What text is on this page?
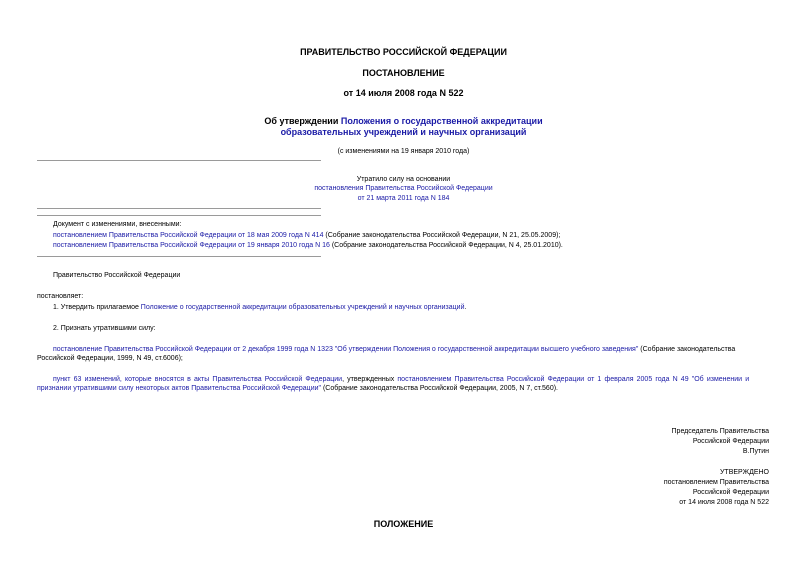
ПРАВИТЕЛЬСТВО РОССИЙСКОЙ ФЕДЕРАЦИИ
ПОСТАНОВЛЕНИЕ
от 14 июля 2008 года N 522
Об утверждении Положения о государственной аккредитации
образовательных учреждений и научных организаций
(с изменениями на 19 января 2010 года)
Утратило силу на основании
постановления Правительства Российской Федерации
от 21 марта 2011 года N 184
Документ с изменениями, внесенными:
постановлением Правительства Российской Федерации от 18 мая 2009 года N 414 (Собрание законодательства Российской Федерации, N 21, 25.05.2009);
постановлением Правительства Российской Федерации от 19 января 2010 года N 16 (Собрание законодательства Российской Федерации, N 4, 25.01.2010).
Правительство Российской Федерации
постановляет:
1. Утвердить прилагаемое Положение о государственной аккредитации образовательных учреждений и научных организаций.
2. Признать утратившими силу:
постановление Правительства Российской Федерации от 2 декабря 1999 года N 1323 "Об утверждении Положения о государственной аккредитации высшего учебного заведения" (Собрание законодательства
Российской Федерации, 1999, N 49, ст.6006);
пункт 63 изменений, которые вносятся в акты Правительства Российской Федерации, утвержденных постановлением Правительства Российской Федерации от 1 февраля 2005 года N 49 "Об изменении и
признании утратившими силу некоторых актов Правительства Российской Федерации" (Собрание законодательства Российской Федерации, 2005, N 7, ст.560).
Председатель Правительства
Российской Федерации
В.Путин
УТВЕРЖДЕНО
постановлением Правительства
Российской Федерации
от 14 июля 2008 года N 522
ПОЛОЖЕНИЕ
